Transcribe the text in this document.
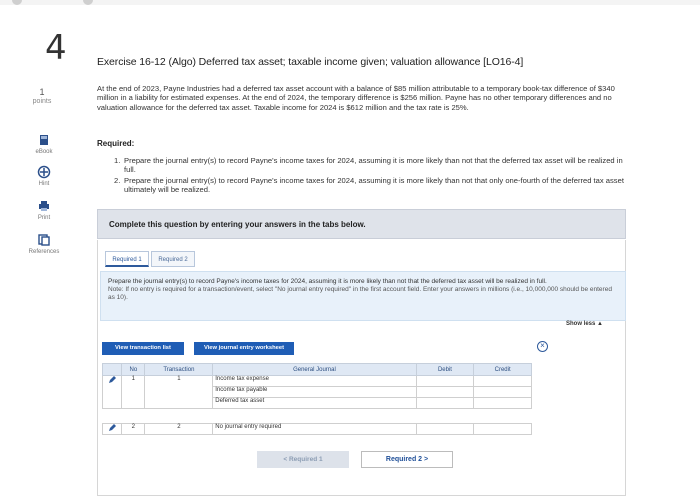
4
1
points
eBook
Hint
Print
References
Exercise 16-12 (Algo) Deferred tax asset; taxable income given; valuation allowance [LO16-4]
At the end of 2023, Payne Industries had a deferred tax asset account with a balance of $85 million attributable to a temporary book-tax difference of $340 million in a liability for estimated expenses. At the end of 2024, the temporary difference is $256 million. Payne has no other temporary differences and no valuation allowance for the deferred tax asset. Taxable income for 2024 is $612 million and the tax rate is 25%.
Required:
1. Prepare the journal entry(s) to record Payne's income taxes for 2024, assuming it is more likely than not that the deferred tax asset will be realized in full.
2. Prepare the journal entry(s) to record Payne's income taxes for 2024, assuming it is more likely than not that only one-fourth of the deferred tax asset ultimately will be realized.
Complete this question by entering your answers in the tabs below.
Required 1	Required 2
Prepare the journal entry(s) to record Payne's income taxes for 2024, assuming it is more likely than not that the deferred tax asset will be realized in full.
Note: If no entry is required for a transaction/event, select "No journal entry required" in the first account field. Enter your answers in millions (i.e., 10,000,000 should be entered as 10).
Show less ▲
View transaction list	View journal entry worksheet	×
	No	Transaction	General Journal	Debit	Credit
	1	1	Income tax expense		
			Income tax payable		
			Deferred tax asset		

	2	2	No journal entry required		
< Required 1	Required 2 >
